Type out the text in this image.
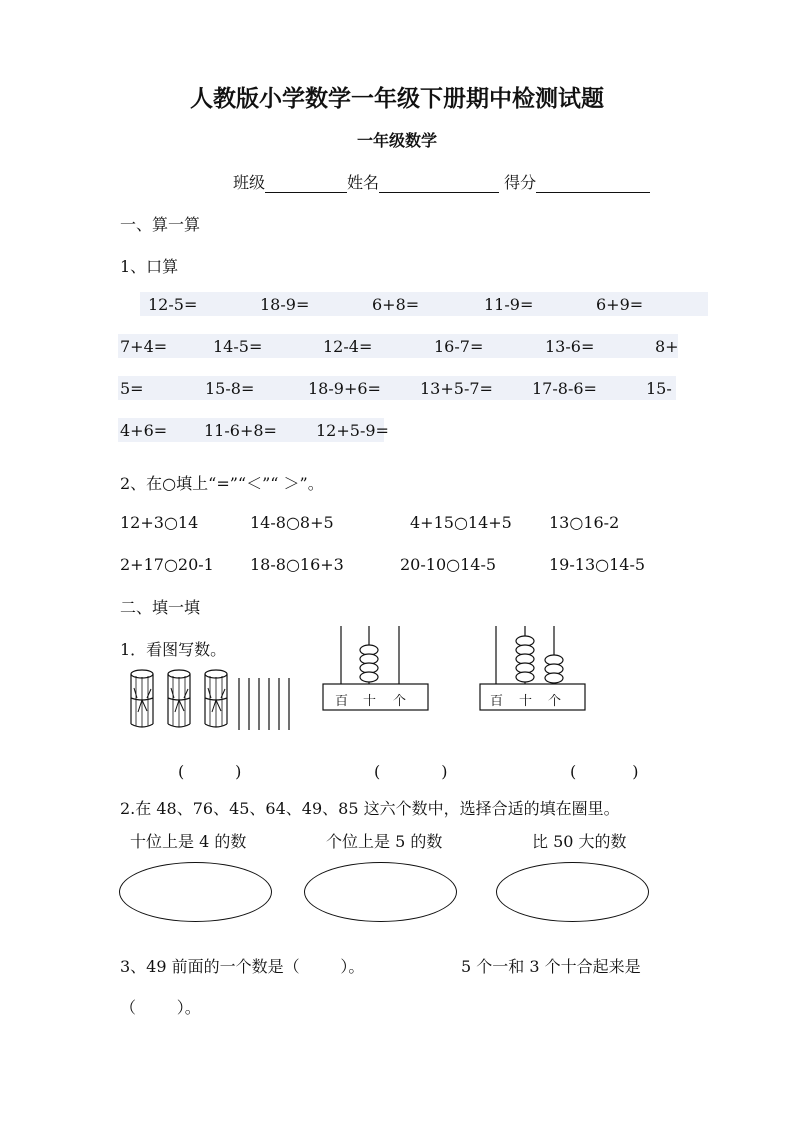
人教版小学数学一年级下册期中检测试题
一年级数学
班级	姓名	得分
一、算一算
1、口算
12-5=	18-9=	6+8=	11-9=	6+9=
7+4=	14-5=	12-4=	16-7=	13-6=	8+
5=	15-8=	18-9+6= 13+5-7= 17-8-6=	15-
4+6= 11-6+8= 12+5-9=
2、在○填上“=”“＜”“ ＞”。
12+3○14	14-8○8+5	4+15○14+5 13○16-2
2+17○20-1 18-8○16+3	20-10○14-5	19-13○14-5
二、填一填
1．看图写数。
百 十 个	百 十 个
(          )	(            )	(           )
2.在 48、76、45、64、49、85 这六个数中，选择合适的填在圈里。
十位上是 4 的数	个位上是 5 的数	比 50 大的数
3、49 前面的一个数是（        ）。	5 个一和 3 个十合起来是
（        ）。
